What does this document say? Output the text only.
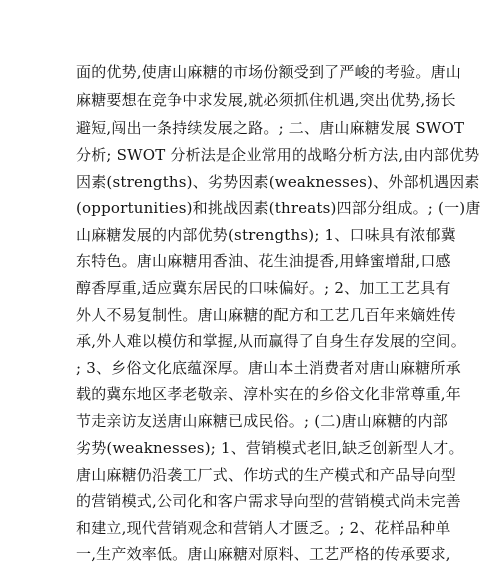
面的优势,使唐山麻糖的市场份额受到了严峻的考验。唐山
麻糖要想在竞争中求发展,就必须抓住机遇,突出优势,扬长
避短,闯出一条持续发展之路。; 二、唐山麻糖发展 SWOT
分析; SWOT 分析法是企业常用的战略分析方法,由内部优势
因素(strengths)、劣势因素(weaknesses)、外部机遇因素
(opportunities)和挑战因素(threats)四部分组成。; (一)唐
山麻糖发展的内部优势(strengths); 1、口味具有浓郁冀
东特色。唐山麻糖用香油、花生油提香,用蜂蜜增甜,口感
醇香厚重,适应冀东居民的口味偏好。; 2、加工工艺具有
外人不易复制性。唐山麻糖的配方和工艺几百年来嫡姓传
承,外人难以模仿和掌握,从而赢得了自身生存发展的空间。
; 3、乡俗文化底蕴深厚。唐山本土消费者对唐山麻糖所承
载的冀东地区孝老敬亲、淳朴实在的乡俗文化非常尊重,年
节走亲访友送唐山麻糖已成民俗。; (二)唐山麻糖的内部
劣势(weaknesses); 1、营销模式老旧,缺乏创新型人才。
唐山麻糖仍沿袭工厂式、作坊式的生产模式和产品导向型
的营销模式,公司化和客户需求导向型的营销模式尚未完善
和建立,现代营销观念和营销人才匮乏。; 2、花样品种单
一,生产效率低。唐山麻糖对原料、工艺严格的传承要求,
